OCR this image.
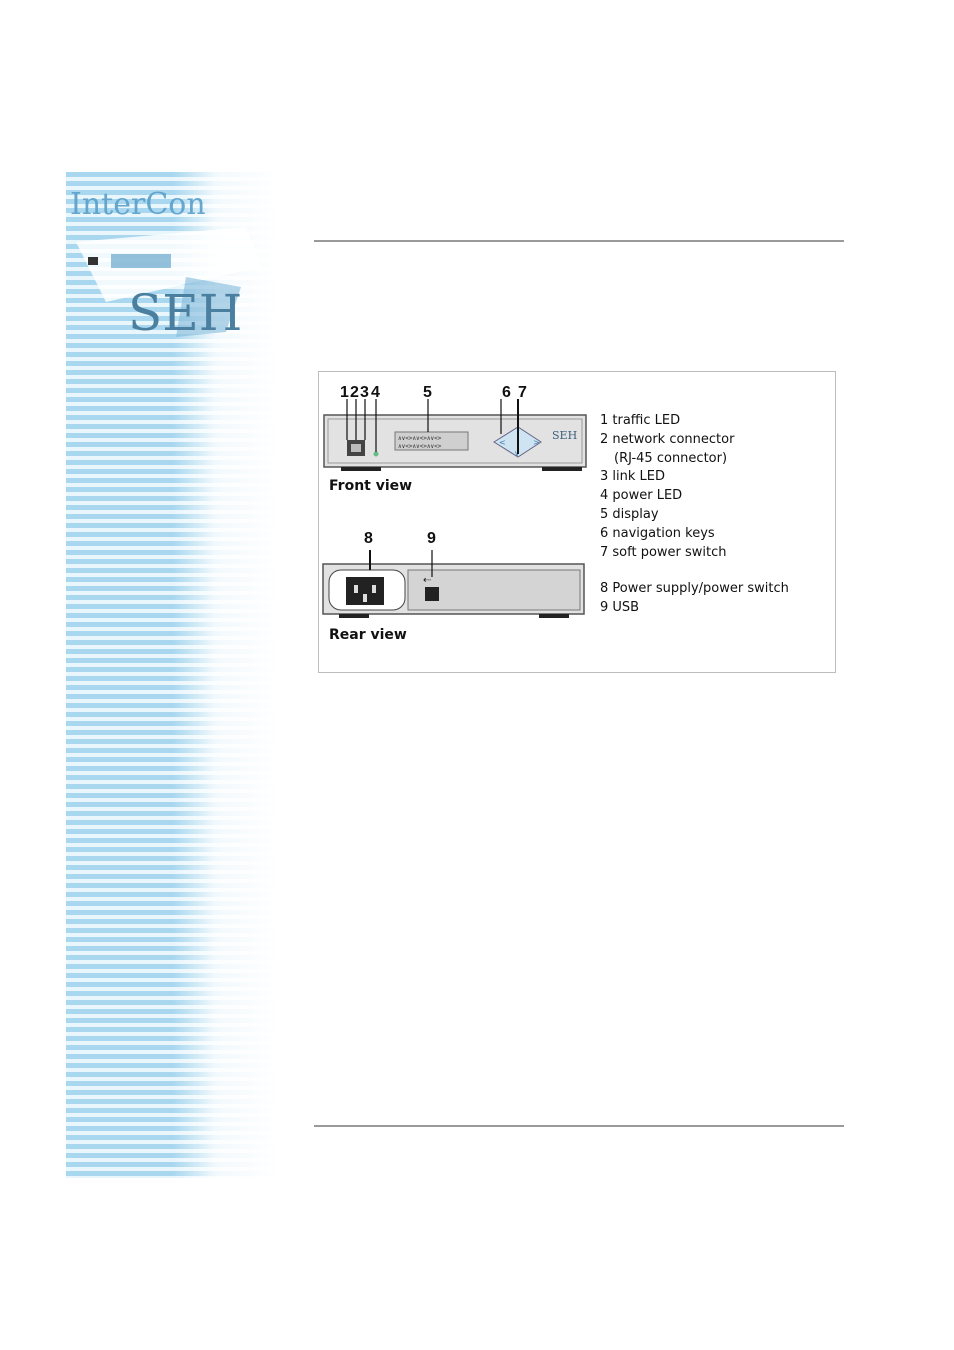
InterCon
SEH
∧∨<>∧∨<>∧∨<>
∧∨<>∧∨<>∧∨<>	<	>
∨
SEH
⇠
1 2 3 4	5	6 7
Front view
8	9
Rear view
1 traffic LED
2 network connector
(RJ-45 connector)
3 link LED
4 power LED
5 display
6 navigation keys
7 soft power switch
8 Power supply/power switch
9 USB
